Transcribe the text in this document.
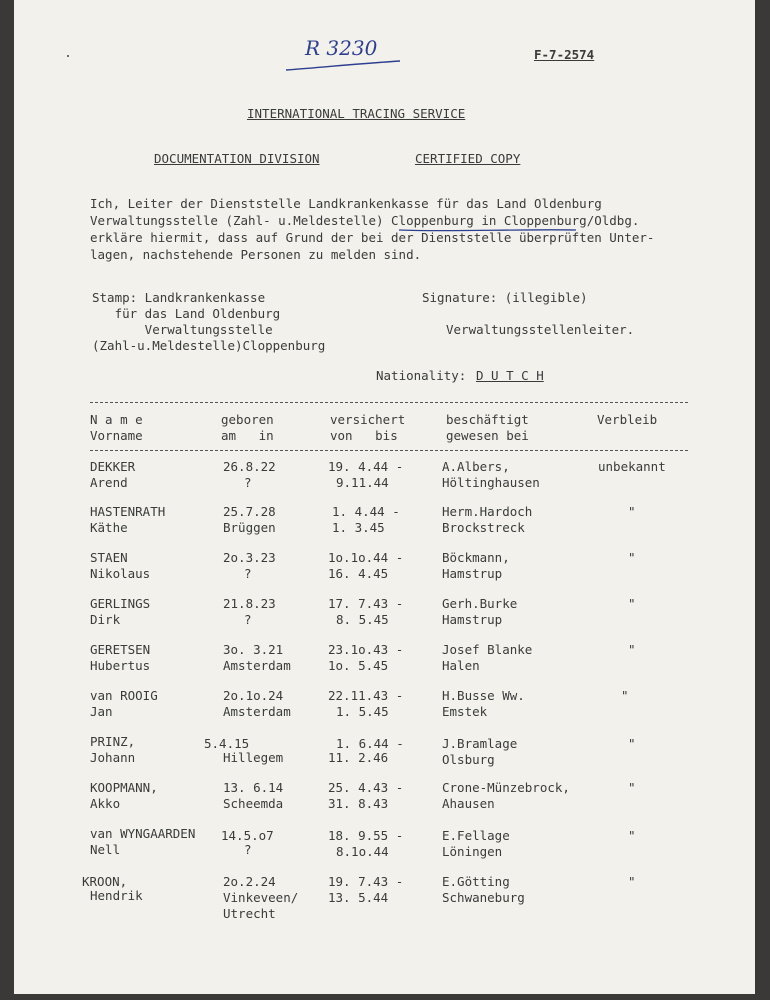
R 3230	F-7-2574
INTERNATIONAL TRACING SERVICE
DOCUMENTATION DIVISION	CERTIFIED COPY
Ich, Leiter der Dienststelle Landkrankenkasse für das Land Oldenburg
Verwaltungsstelle (Zahl- u.Meldestelle) Cloppenburg in Cloppenburg/Oldbg.
erkläre hiermit, dass auf Grund der bei der Dienststelle überprüften Unter-
lagen, nachstehende Personen zu melden sind.
Stamp: Landkrankenkasse
für das Land Oldenburg
Verwaltungsstelle
(Zahl-u.Meldestelle)Cloppenburg
Signature: (illegible)
Verwaltungsstellenleiter.
Nationality: D U T C H
N a m e
Vorname
geboren
am   in
versichert
von   bis
beschäftigt
gewesen bei
Verbleib
DEKKER
Arend
26.8.22
?
19. 4.44 -
9.11.44
A.Albers,
Höltinghausen
unbekannt
HASTENRATH
Käthe
25.7.28
Brüggen
1. 4.44 -
1. 3.45
Herm.Hardoch
Brockstreck
"
STAEN
Nikolaus
2o.3.23
?
1o.1o.44 -
16. 4.45
Böckmann,
Hamstrup
"
GERLINGS
Dirk
21.8.23
?
17. 7.43 -
8. 5.45
Gerh.Burke
Hamstrup
"
GERETSEN
Hubertus
3o. 3.21
Amsterdam
23.1o.43 -
1o. 5.45
Josef Blanke
Halen
"
van ROOIG
Jan
2o.1o.24
Amsterdam
22.11.43 -
1. 5.45
H.Busse Ww.
Emstek
"
PRINZ,
Johann
5.4.15
Hillegem
1. 6.44 -
11. 2.46
J.Bramlage
Olsburg
"
KOOPMANN,
Akko
13. 6.14
Scheemda
25. 4.43 -
31. 8.43
Crone-Münzebrock,
Ahausen
"
van WYNGAARDEN
Nell
14.5.o7
?
18. 9.55 -
8.1o.44
E.Fellage
Löningen
"
KROON,
Hendrik
2o.2.24
Vinkeveen/
Utrecht
19. 7.43 -
13. 5.44
E.Götting
Schwaneburg
"
